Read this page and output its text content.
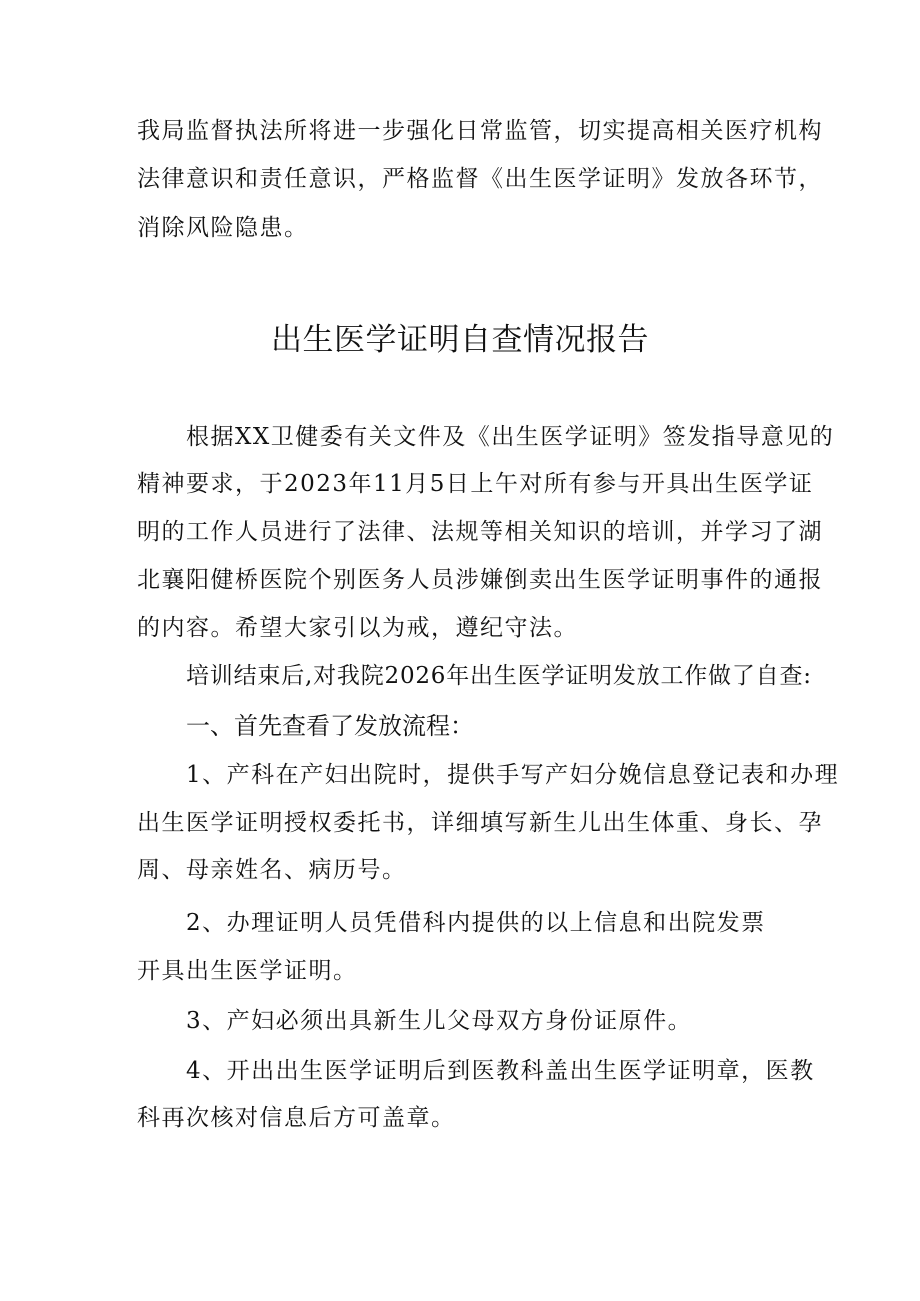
我局监督执法所将进一步强化日常监管，切实提高相关医疗机构
法律意识和责任意识，严格监督《出生医学证明》发放各环节，
消除风险隐患。
出生医学证明自查情况报告
根据XX卫健委有关文件及《出生医学证明》签发指导意见的
精神要求，于2023年11月5日上午对所有参与开具出生医学证
明的工作人员进行了法律、法规等相关知识的培训，并学习了湖
北襄阳健桥医院个别医务人员涉嫌倒卖出生医学证明事件的通报
的内容。希望大家引以为戒，遵纪守法。
培训结束后,对我院2026年出生医学证明发放工作做了自查:
一、首先查看了发放流程：
1、产科在产妇出院时，提供手写产妇分娩信息登记表和办理
出生医学证明授权委托书，详细填写新生儿出生体重、身长、孕
周、母亲姓名、病历号。
2、办理证明人员凭借科内提供的以上信息和出院发票
开具出生医学证明。
3、产妇必须出具新生儿父母双方身份证原件。
4、开出出生医学证明后到医教科盖出生医学证明章，医教
科再次核对信息后方可盖章。
